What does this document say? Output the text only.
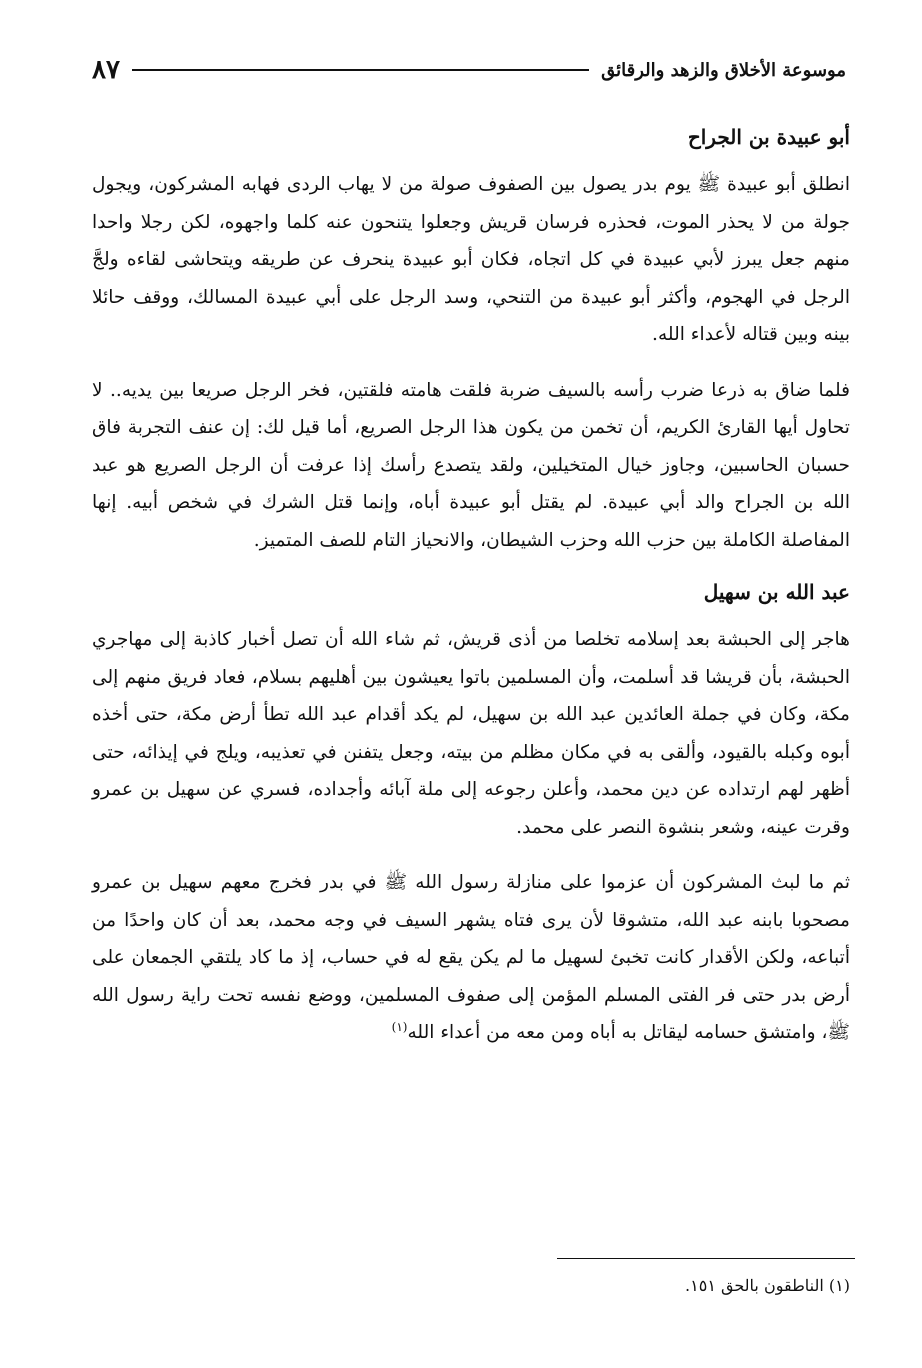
موسوعة الأخلاق والزهد والرقائق
٨٧
أبو عبيدة بن الجراح

انطلق أبو عبيدة ﷺ يوم بدر يصول بين الصفوف صولة من لا يهاب الردى فهابه المشركون، ويجول جولة من لا يحذر الموت، فحذره فرسان قريش وجعلوا يتنحون عنه كلما واجهوه، لكن رجلا واحدا منهم جعل يبرز لأبي عبيدة في كل اتجاه، فكان أبو عبيدة ينحرف عن طريقه ويتحاشى لقاءه ولجَّ الرجل في الهجوم، وأكثر أبو عبيدة من التنحي، وسد الرجل على أبي عبيدة المسالك، ووقف حائلا بينه وبين قتاله لأعداء الله.

فلما ضاق به ذرعا ضرب رأسه بالسيف ضربة فلقت هامته فلقتين، فخر الرجل صريعا بين يديه.. لا تحاول أيها القارئ الكريم، أن تخمن من يكون هذا الرجل الصريع، أما قيل لك: إن عنف التجربة فاق حسبان الحاسبين، وجاوز خيال المتخيلين، ولقد يتصدع رأسك إذا عرفت أن الرجل الصريع هو عبد الله بن الجراح والد أبي عبيدة. لم يقتل أبو عبيدة أباه، وإنما قتل الشرك في شخص أبيه. إنها المفاصلة الكاملة بين حزب الله وحزب الشيطان، والانحياز التام للصف المتميز.

عبد الله بن سهيل

هاجر إلى الحبشة بعد إسلامه تخلصا من أذى قريش، ثم شاء الله أن تصل أخبار كاذبة إلى مهاجري الحبشة، بأن قريشا قد أسلمت، وأن المسلمين باتوا يعيشون بين أهليهم بسلام، فعاد فريق منهم إلى مكة، وكان في جملة العائدين عبد الله بن سهيل، لم يكد أقدام عبد الله تطأ أرض مكة، حتى أخذه أبوه وكبله بالقيود، وألقى به في مكان مظلم من بيته، وجعل يتفنن في تعذيبه، ويلج في إيذائه، حتى أظهر لهم ارتداده عن دين محمد، وأعلن رجوعه إلى ملة آبائه وأجداده، فسري عن سهيل بن عمرو وقرت عينه، وشعر بنشوة النصر على محمد.

ثم ما لبث المشركون أن عزموا على منازلة رسول الله ﷺ في بدر فخرج معهم سهيل بن عمرو مصحوبا بابنه عبد الله، متشوقا لأن يرى فتاه يشهر السيف في وجه محمد، بعد أن كان واحدًا من أتباعه، ولكن الأقدار كانت تخبئ لسهيل ما لم يكن يقع له في حساب، إذ ما كاد يلتقي الجمعان على أرض بدر حتى فر الفتى المسلم المؤمن إلى صفوف المسلمين، ووضع نفسه تحت راية رسول الله ﷺ، وامتشق حسامه ليقاتل به أباه ومن معه من أعداء الله$^{(١)}$

(١) الناطقون بالحق ١٥١.
